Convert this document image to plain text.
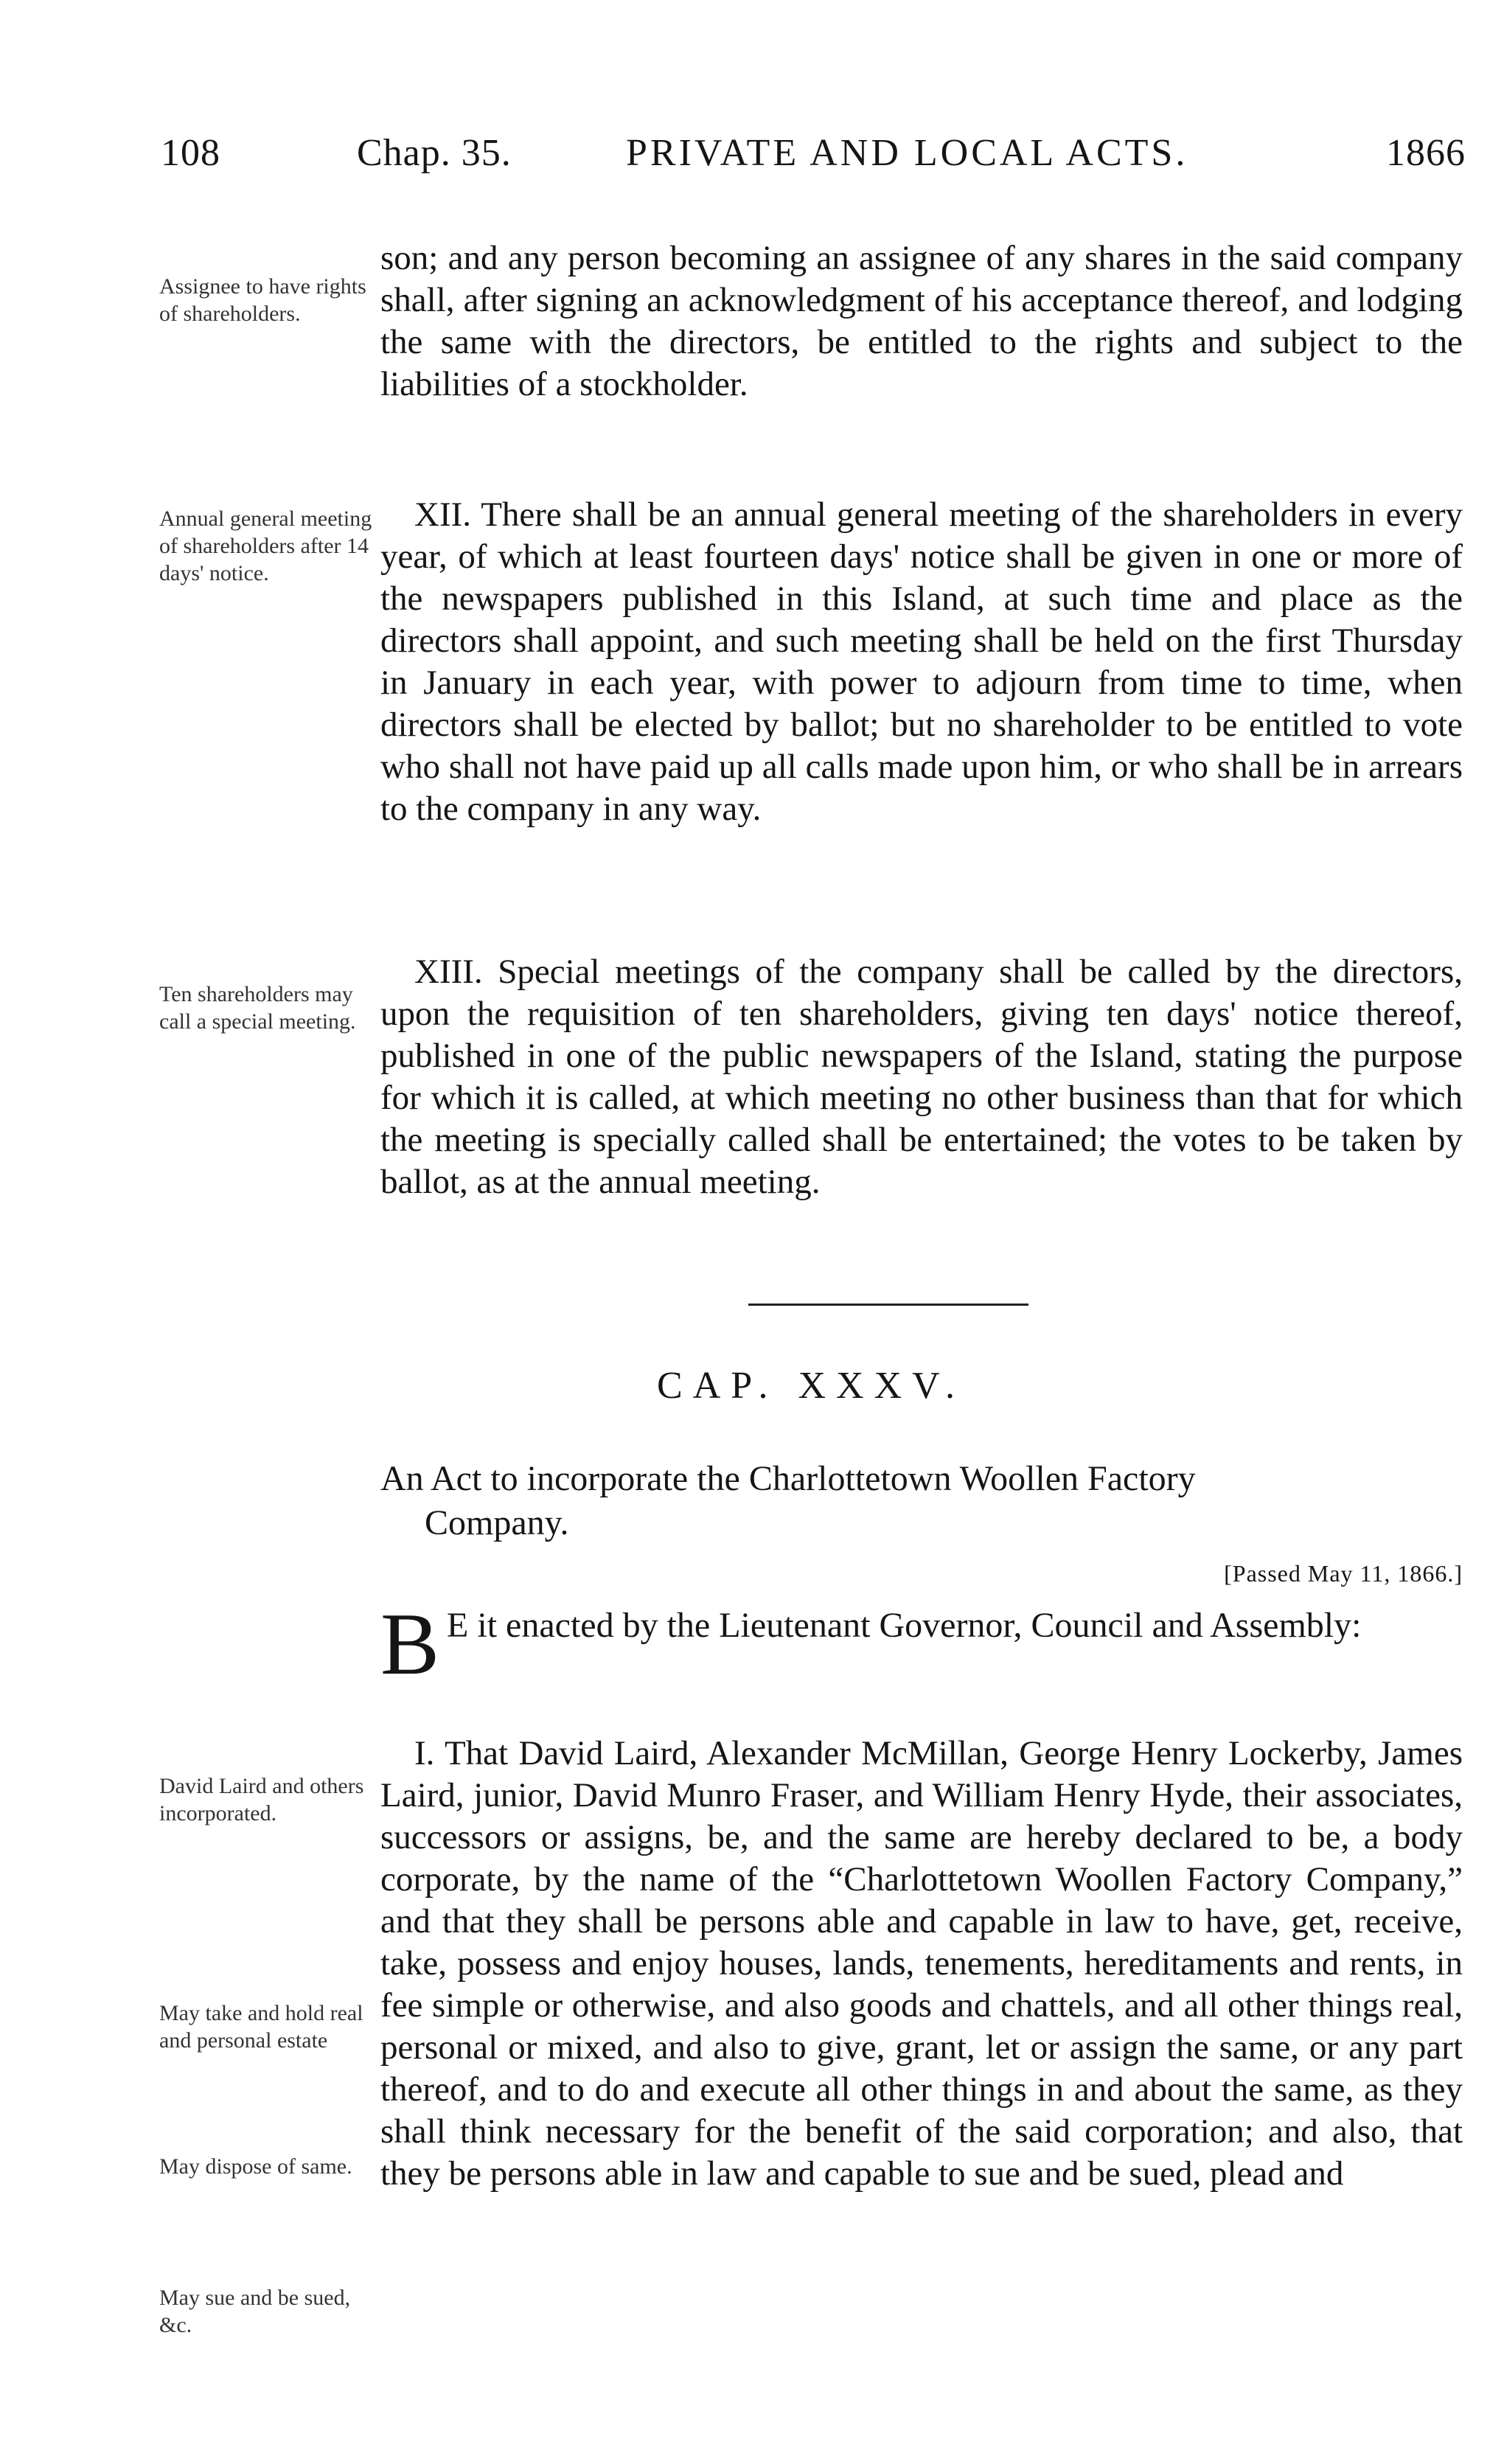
108	Chap. 35.	PRIVATE AND LOCAL ACTS.	1866
Assignee to have rights of shareholders.

son; and any person becoming an assignee of any shares in the said company shall, after signing an acknowledgment of his acceptance thereof, and lodging the same with the directors, be entitled to the rights and subject to the liabilities of a stockholder.

Annual general meeting of shareholders after 14 days' notice.

XII. There shall be an annual general meeting of the shareholders in every year, of which at least fourteen days' notice shall be given in one or more of the newspapers published in this Island, at such time and place as the directors shall appoint, and such meeting shall be held on the first Thursday in January in each year, with power to adjourn from time to time, when directors shall be elected by ballot; but no shareholder to be entitled to vote who shall not have paid up all calls made upon him, or who shall be in arrears to the company in any way.

Ten shareholders may call a special meeting.

XIII. Special meetings of the company shall be called by the directors, upon the requisition of ten shareholders, giving ten days' notice thereof, published in one of the public newspapers of the Island, stating the purpose for which it is called, at which meeting no other business than that for which the meeting is specially called shall be entertained; the votes to be taken by ballot, as at the annual meeting.

CAP. XXXV.
An Act to incorporate the Charlottetown Woollen Factory
Company.
[Passed May 11, 1866.]
B E it enacted by the Lieutenant Governor, Council and Assembly:
David Laird and others incorporated.
May take and hold real and personal estate
May dispose of same.
May sue and be sued, &c.

I. That David Laird, Alexander McMillan, George Henry Lockerby, James Laird, junior, David Munro Fraser, and William Henry Hyde, their associates, successors or assigns, be, and the same are hereby declared to be, a body corporate, by the name of the “Charlottetown Woollen Factory Company,” and that they shall be persons able and capable in law to have, get, receive, take, possess and enjoy houses, lands, tenements, hereditaments and rents, in fee simple or otherwise, and also goods and chattels, and all other things real, personal or mixed, and also to give, grant, let or assign the same, or any part thereof, and to do and execute all other things in and about the same, as they shall think necessary for the benefit of the said corporation; and also, that they be persons able in law and capable to sue and be sued, plead and
